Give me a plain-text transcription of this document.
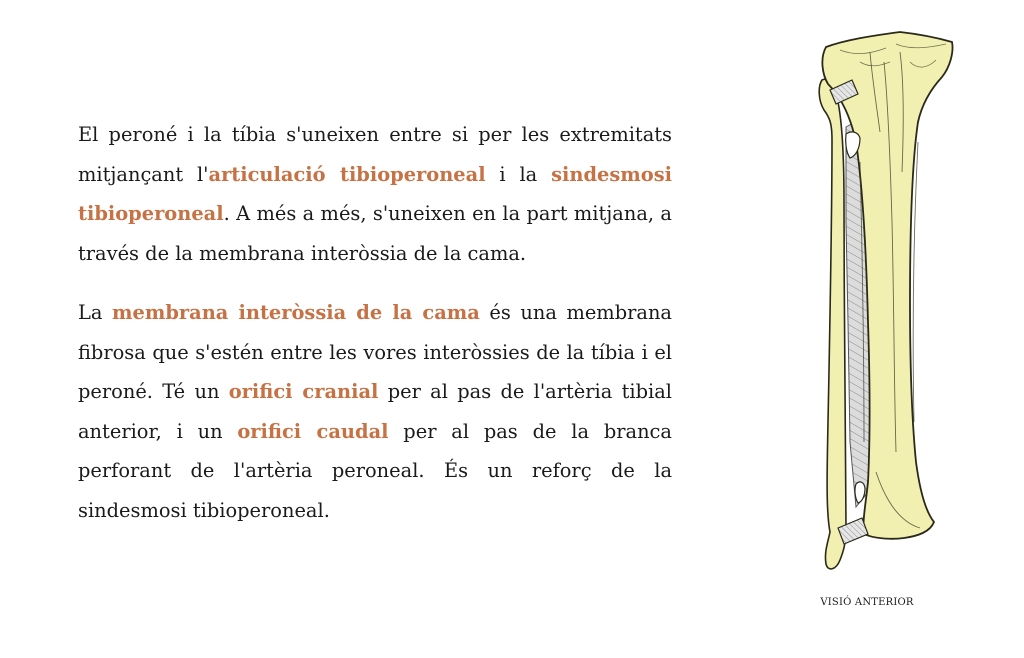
El peroné i la tíbia s'uneixen entre si per les extremitats mitjançant l'articulació tibioperoneal i la sindesmosi tibioperoneal. A més a més, s'uneixen en la part mitjana, a través de la membrana interòssia de la cama.

La membrana interòssia de la cama és una membrana fibrosa que s'estén entre les vores interòssies de la tíbia i el peroné. Té un orifici cranial per al pas de l'artèria tibial anterior, i un orifici caudal per al pas de la branca perforant de l'artèria peroneal. És un reforç de la sindesmosi tibioperoneal.

VISIÓ ANTERIOR
